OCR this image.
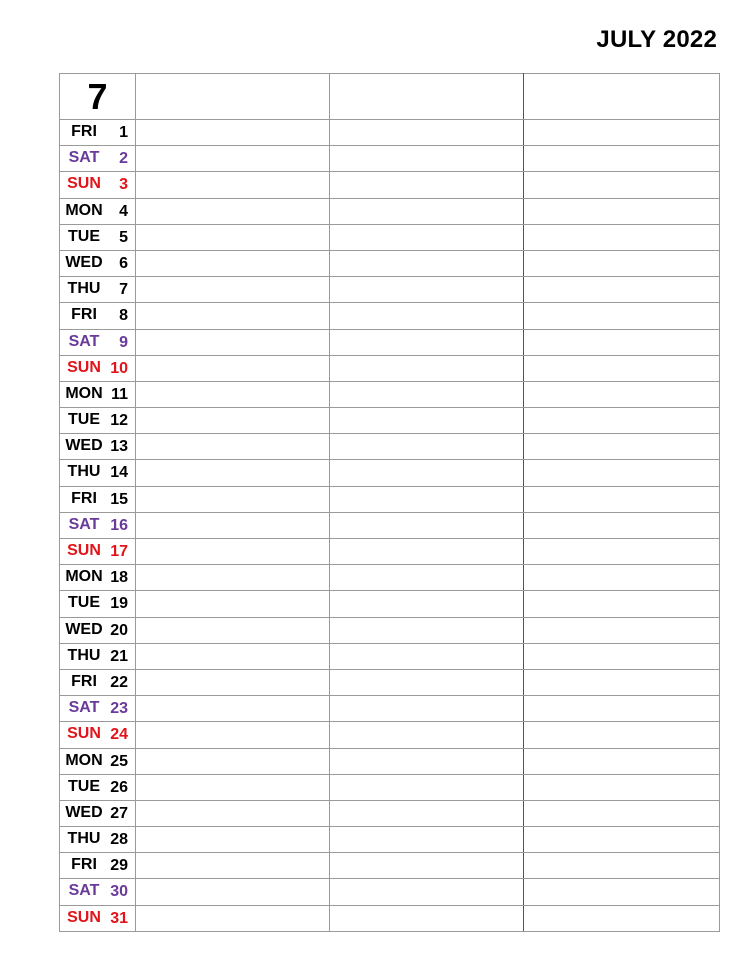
JULY 2022
7			

FRI 1			

SAT 2			

SUN 3			

MON 4			

TUE 5			

WED 6			

THU 7			

FRI 8			

SAT 9			

SUN 10			

MON 11			

TUE 12			

WED 13			

THU 14			

FRI 15			

SAT 16			

SUN 17			

MON 18			

TUE 19			

WED 20			

THU 21			

FRI 22			

SAT 23			

SUN 24			

MON 25			

TUE 26			

WED 27			

THU 28			

FRI 29			

SAT 30			

SUN 31			
